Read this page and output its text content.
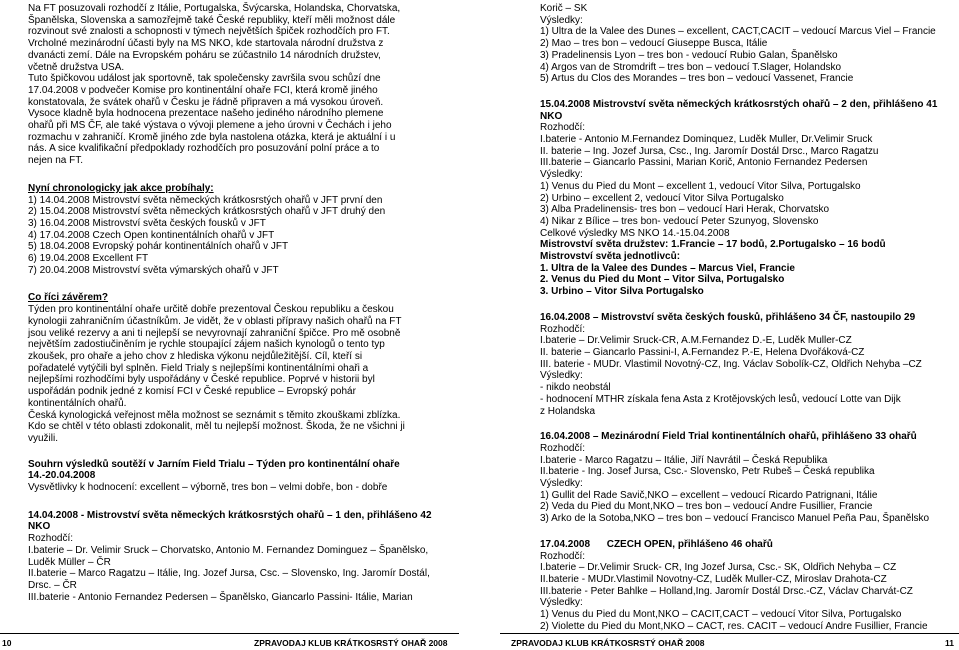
Na FT posuzovali rozhodčí z Itálie, Portugalska, Švýcarska, Holandska, Chorvatska,
Španělska, Slovenska a samozřejmě také České republiky, kteří měli možnost dále
rozvinout své znalosti a schopnosti v týmech největších špiček rozhodčích pro FT.
Vrcholné mezinárodní účasti byly na MS NKO, kde startovala národní družstva z
dvanácti zemí. Dále na Evropském poháru se zúčastnilo 14 národních družstev,
včetně družstva USA.
Tuto špičkovou událost jak sportovně, tak společensky završila svou schůzí dne
17.04.2008 v podvečer Komise pro kontinentální ohaře FCI, která kromě jiného
konstatovala, že svátek ohařů v Česku je řádně připraven a má vysokou úroveň.
Vysoce kladně byla hodnocena prezentace našeho jediného národního plemene
ohařů při MS ČF, ale také výstava o vývoji plemene a jeho úrovni v Čechách i jeho
rozmachu v zahraničí. Kromě jiného zde byla nastolena otázka, která je aktuální i u
nás. A sice kvalifikační předpoklady rozhodčích pro posuzování polní práce a to
nejen na FT.
Nyní chronologicky jak akce probíhaly:
1) 14.04.2008 Mistrovství světa německých krátkosrstých ohařů v JFT první den
2) 15.04.2008 Mistrovství světa německých krátkosrstých ohařů v JFT druhý den
3) 16.04.2008 Mistrovství světa českých fousků v JFT
4) 17.04.2008 Czech Open kontinentálních ohařů v JFT
5) 18.04.2008 Evropský pohár kontinentálních ohařů v JFT
6) 19.04.2008 Excellent FT
7) 20.04.2008 Mistrovství světa výmarských ohařů v JFT
Co říci závěrem?
Týden pro kontinentální ohaře určitě dobře prezentoval Českou republiku a českou
kynologii zahraničním účastníkům. Je vidět, že v oblasti přípravy našich ohařů na FT
jsou veliké rezervy a ani ti nejlepší se nevyrovnají zahraniční špičce. Pro mě osobně
největším zadostiučiněním je rychle stoupající zájem našich kynologů o tento typ
zkoušek, pro ohaře a jeho chov z hlediska výkonu nejdůležitější. Cíl, kteří si
pořadatelé vytýčili byl splněn. Field Trialy s nejlepšími kontinentálními ohaři a
nejlepšími rozhodčími byly uspořádány v České republice. Poprvé v historii byl
uspořádán podnik jedné z komisí FCI v České republice – Evropský pohár
kontinentálních ohařů.
Česká kynologická veřejnost měla možnost se seznámit s těmito zkouškami zblízka.
Kdo se chtěl v této oblasti zdokonalit, měl tu nejlepší možnost. Škoda, že ne všichni ji
využili.
Souhrn výsledků soutěží v Jarním Field Trialu – Týden pro kontinentální ohaře
14.-20.04.2008
Vysvětlivky k hodnocení: excellent – výborně, tres bon – velmi dobře, bon - dobře
14.04.2008 - Mistrovství světa německých krátkosrstých ohařů – 1 den, přihlášeno 42
NKO
Rozhodčí:
I.baterie – Dr. Velimir Sruck – Chorvatsko, Antonio M. Fernandez Dominguez – Španělsko,
Luděk Müller – ČR
II.baterie – Marco Ragatzu – Itálie, Ing. Jozef Jursa, Csc. – Slovensko, Ing. Jaromír Dostál,
Drsc. – ČR
III.baterie - Antonio Fernandez Pedersen – Španělsko, Giancarlo Passini- Itálie, Marian
Korič – SK
Výsledky:
1) Ultra de la Valee des Dunes – excellent, CACT,CACIT – vedoucí Marcus Viel – Francie
2) Mao – tres bon – vedoucí Giuseppe Busca, Itálie
3) Pradelinensis Lyon – tres bon - vedoucí Rubio Galan, Španělsko
4) Argos van de Stromdrift – tres bon – vedoucí T.Slager, Holandsko
5) Artus du Clos des Morandes – tres bon – vedoucí Vassenet, Francie
15.04.2008 Mistrovství světa německých krátkosrstých ohařů – 2 den, přihlášeno 41
NKO
Rozhodčí:
I.baterie - Antonio M.Fernandez Dominquez, Luděk Muller, Dr.Velimir Sruck
II. baterie – Ing. Jozef Jursa, Csc., Ing. Jaromír Dostál Drsc., Marco Ragatzu
III.baterie – Giancarlo Passini, Marian Korič, Antonio Fernandez Pedersen
Výsledky:
1) Venus du Pied du Mont – excellent 1, vedoucí Vitor Silva, Portugalsko
2) Urbino – excellent 2, vedoucí Vitor Silva Portugalsko
3) Alba Pradelinensis- tres bon – vedoucí Hari Herak, Chorvatsko
4) Nikar z Bílice – tres bon- vedoucí Peter Szunyog, Slovensko
Celkové výsledky MS NKO 14.-15.04.2008
Mistrovství světa družstev: 1.Francie – 17 bodů, 2.Portugalsko – 16 bodů
Mistrovství světa jednotlivců:
1. Ultra de la Valee des Dundes – Marcus Viel, Francie
2. Venus du Pied du Mont – Vitor Silva, Portugalsko
3. Urbino – Vitor Silva Portugalsko
16.04.2008 – Mistrovství světa českých fousků, přihlášeno 34 ČF, nastoupilo 29
Rozhodčí:
I.baterie – Dr.Velimir Sruck-CR, A.M.Fernandez D.-E, Luděk Muller-CZ
II. baterie – Giancarlo Passini-I, A.Fernandez P.-E, Helena Dvořáková-CZ
III. baterie - MUDr. Vlastimil Novotný-CZ, Ing. Václav Sobolík-CZ, Oldřich Nehyba –CZ
Výsledky:
- nikdo neobstál
- hodnocení MTHR získala fena Asta z Krotějovských lesů, vedoucí Lotte van Dijk
z Holandska
16.04.2008 – Mezinárodní Field Trial kontinentálních ohařů, přihlášeno 33 ohařů
Rozhodčí:
I.baterie - Marco Ragatzu – Itálie, Jiří Navrátil – Česká Republika
II.baterie - Ing. Josef Jursa, Csc.- Slovensko, Petr Rubeš – Česká republika
Výsledky:
1) Gullit del Rade Savič,NKO – excellent – vedoucí Ricardo Patrignani, Itálie
2) Veda du Pied du Mont,NKO – tres bon – vedoucí Andre Fusillier, Francie
3) Arko de la Sotoba,NKO – tres bon – vedoucí Francisco Manuel Peña Pau, Španělsko
17.04.2008      CZECH OPEN, přihlášeno 46 ohařů
Rozhodčí:
I.baterie – Dr.Velimir Sruck- CR, Ing Jozef Jursa, Csc.- SK, Oldřich Nehyba – CZ
II.baterie - MUDr.Vlastimil Novotny-CZ, Luděk Muller-CZ, Miroslav Drahota-CZ
III.baterie - Peter Bahlke – Holland,Ing. Jaromír Dostál Drsc.-CZ, Václav Charvát-CZ
Výsledky:
1) Venus du Pied du Mont,NKO – CACIT,CACT – vedoucí Vitor Silva, Portugalsko
2) Violette du Pied du Mont,NKO – CACT, res. CACIT – vedoucí Andre Fusillier, Francie
10	ZPRAVODAJ KLUB KRÁTKOSRSTÝ OHAŘ 2008	ZPRAVODAJ KLUB KRÁTKOSRSTÝ OHAŘ 2008	11
